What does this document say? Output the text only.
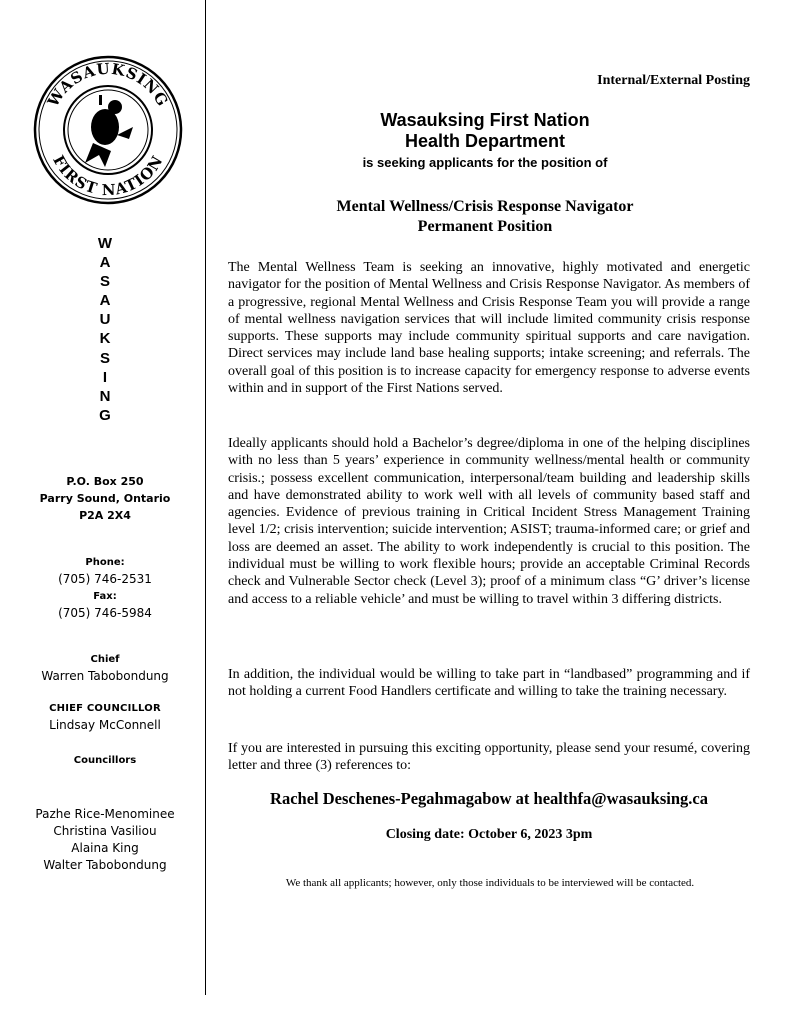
WASAUKSING
FIRST NATION
W
A
S
A
U
K
S
I
N
G
P.O. Box 250
Parry Sound, Ontario
P2A 2X4
Phone:
(705) 746-2531
Fax:
(705) 746-5984
Chief
Warren Tabobondung
CHIEF COUNCILLOR
Lindsay McConnell
Councillors
Pazhe Rice-Menominee
Christina Vasiliou
Alaina King
Walter Tabobondung
Internal/External Posting
Wasauksing First Nation
Health Department
is seeking applicants for the position of
Mental Wellness/Crisis Response Navigator
Permanent Position

The Mental Wellness Team is seeking an innovative, highly motivated and energetic navigator for the position of Mental Wellness and Crisis Response Navigator. As members of a progressive, regional Mental Wellness and Crisis Response Team you will provide a range of mental wellness navigation services that will include limited community crisis response supports. These supports may include community spiritual supports and care navigation. Direct services may include land base healing supports; intake screening; and referrals. The overall goal of this position is to increase capacity for emergency response to adverse events within and in support of the First Nations served.

Ideally applicants should hold a Bachelor’s degree/diploma in one of the helping disciplines with no less than 5 years’ experience in community wellness/mental health or community crisis.; possess excellent communication, interpersonal/team building and leadership skills and have demonstrated ability to work well with all levels of community based staff and agencies. Evidence of previous training in Critical Incident Stress Management Training level 1/2; crisis intervention; suicide intervention; ASIST; trauma-informed care; or grief and loss are deemed an asset. The ability to work independently is crucial to this position. The individual must be willing to work flexible hours; provide an acceptable Criminal Records check and Vulnerable Sector check (Level 3); proof of a minimum class “G’ driver’s license and access to a reliable vehicle’ and must be willing to travel within 3 differing districts.

In addition, the individual would be willing to take part in “landbased” programming and if not holding a current Food Handlers certificate and willing to take the training necessary.

If you are interested in pursuing this exciting opportunity, please send your resumé, covering letter and three (3) references to:

Rachel Deschenes-Pegahmagabow at healthfa@wasauksing.ca
Closing date: October 6, 2023 3pm
We thank all applicants; however, only those individuals to be interviewed will be contacted.
